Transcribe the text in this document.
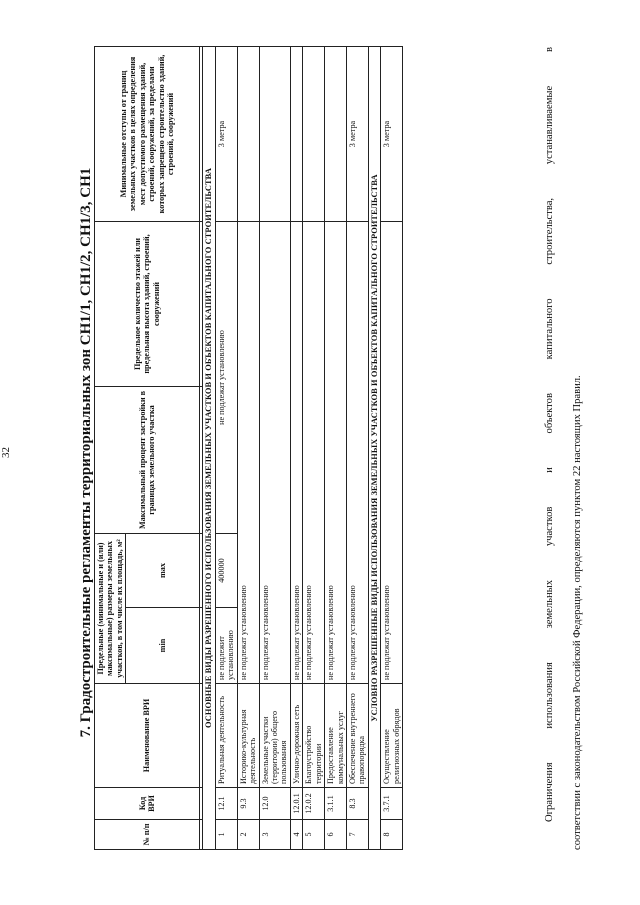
32	7. Градостроительные регламенты территориальных зон СН1/1, СН1/2, СН1/3, СН1
№ п/п	Код ВРИ	Наименование ВРИ	Предельные (минимальные и (или) максимальные) размеры земельных участков, в том числе их площадь, м²		Максимальный процент застройки в границах земельного участка	Предельное количество этажей или предельная высота зданий, строений, сооружений	Минимальные отступы от границ земельных участков в целях определения мест допустимого размещения зданий, строений, сооружений, за пределами которых запрещено строительство зданий, строений, сооружений
			min	max			

ОСНОВНЫЕ ВИДЫ РАЗРЕШЕННОГО ИСПОЛЬЗОВАНИЯ ЗЕМЕЛЬНЫХ УЧАСТКОВ И ОБЪЕКТОВ КАПИТАЛЬНОГО СТРОИТЕЛЬСТВА							
1	12.1	Ритуальная деятельность	не подлежит установлению	400000	не подлежат установлению		3 метра
2	9.3	Историко-культурная деятельность	не подлежат установлению				
3	12.0	Земельные участки (территории) общего пользования	не подлежат установлению				
4	12.0.1	Улично-дорожная сеть	не подлежат установлению				
5	12.0.2	Благоустройство территории	не подлежат установлению				
6	3.1.1	Предоставление коммунальных услуг	не подлежат установлению				
7	8.3	Обеспечение внутреннего правопорядка	не подлежат установлению				3 метра
УСЛОВНО РАЗРЕШЕННЫЕ ВИДЫ ИСПОЛЬЗОВАНИЯ ЗЕМЕЛЬНЫХ УЧАСТКОВ И ОБЪЕКТОВ КАПИТАЛЬНОГО СТРОИТЕЛЬСТВА							
8	3.7.1	Осуществление религиозных обрядов	не подлежат установлению				3 метра	Ограничения использования земельных участков и объектов капитального строительства, устанавливаемые в соответствии с законодательством Российской Федерации, определяются пунктом 22 настоящих Правил.
